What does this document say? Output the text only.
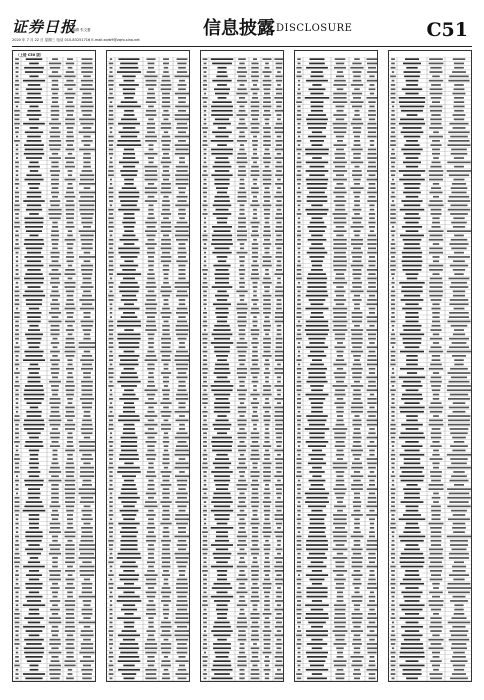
证券日报
编辑 朱文蕾
2020 年 7 月 22 日 星期三 电话 010-83251716 E-mail:zqrb9@zqrb.sina.net
信息披露DISCLOSURE	C51
（上接 C50 版）
